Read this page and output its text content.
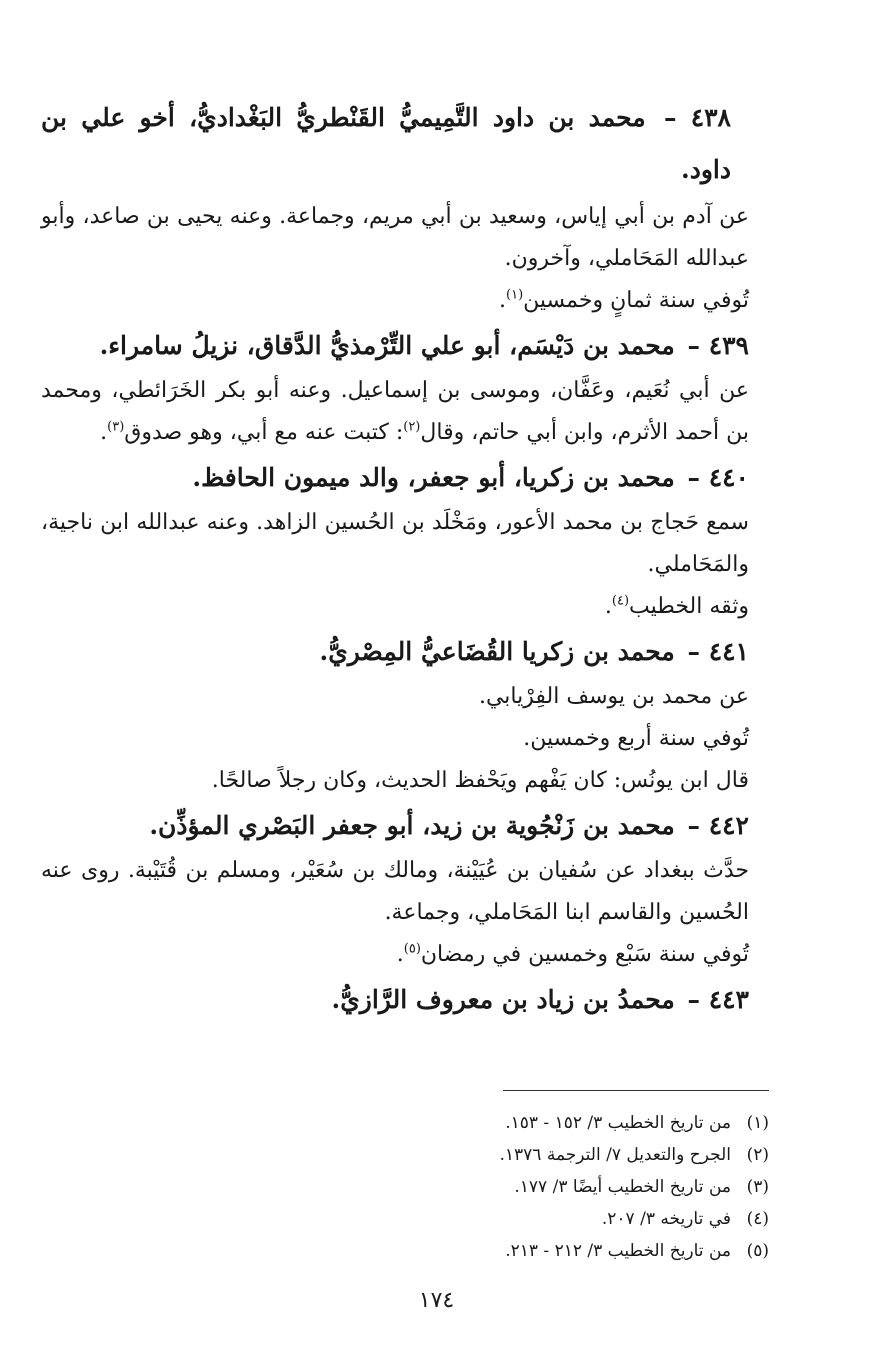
٤٣٨ – محمد بن داود التَّمِيميُّ القَنْطريُّ البَغْداديُّ، أخو علي بن داود.

عن آدم بن أبي إياس، وسعيد بن أبي مريم، وجماعة. وعنه يحيى بن صاعد، وأبو عبدالله المَحَاملي، وآخرون.

تُوفي سنة ثمانٍ وخمسين$^{(١)}$.

٤٣٩ – محمد بن دَيْسَم، أبو علي التِّرْمذيُّ الدَّقاق، نزيلُ سامراء.

عن أبي نُعَيم، وعَفَّان، وموسى بن إسماعيل. وعنه أبو بكر الخَرَائطي، ومحمد بن أحمد الأثرم، وابن أبي حاتم، وقال$^{(٢)}$: كتبت عنه مع أبي، وهو صدوق$^{(٣)}$.

٤٤٠ – محمد بن زكريا، أبو جعفر، والد ميمون الحافظ.

سمع حَجاج بن محمد الأعور، ومَخْلَد بن الحُسين الزاهد. وعنه عبدالله ابن ناجية، والمَحَاملي.

وثقه الخطيب$^{(٤)}$.

٤٤١ – محمد بن زكريا القُضَاعيُّ المِصْريُّ.

عن محمد بن يوسف الفِرْيابي.

تُوفي سنة أربع وخمسين.

قال ابن يونُس: كان يَفْهم ويَحْفظ الحديث، وكان رجلاً صالحًا.

٤٤٢ – محمد بن زَنْجُوية بن زيد، أبو جعفر البَصْري المؤذِّن.

حدَّث ببغداد عن سُفيان بن عُيَيْنة، ومالك بن سُعَيْر، ومسلم بن قُتَيْبة. روى عنه الحُسين والقاسم ابنا المَحَاملي، وجماعة.

تُوفي سنة سَبْع وخمسين في رمضان$^{(٥)}$.

٤٤٣ – محمدُ بن زياد بن معروف الرَّازيُّ.

(١)من تاريخ الخطيب ٣/ ١٥٢ - ١٥٣.
(٢)الجرح والتعديل ٧/ الترجمة ١٣٧٦.
(٣)من تاريخ الخطيب أيضًا ٣/ ١٧٧.
(٤)في تاريخه ٣/ ٢٠٧.
(٥)من تاريخ الخطيب ٣/ ٢١٢ - ٢١٣.
١٧٤
